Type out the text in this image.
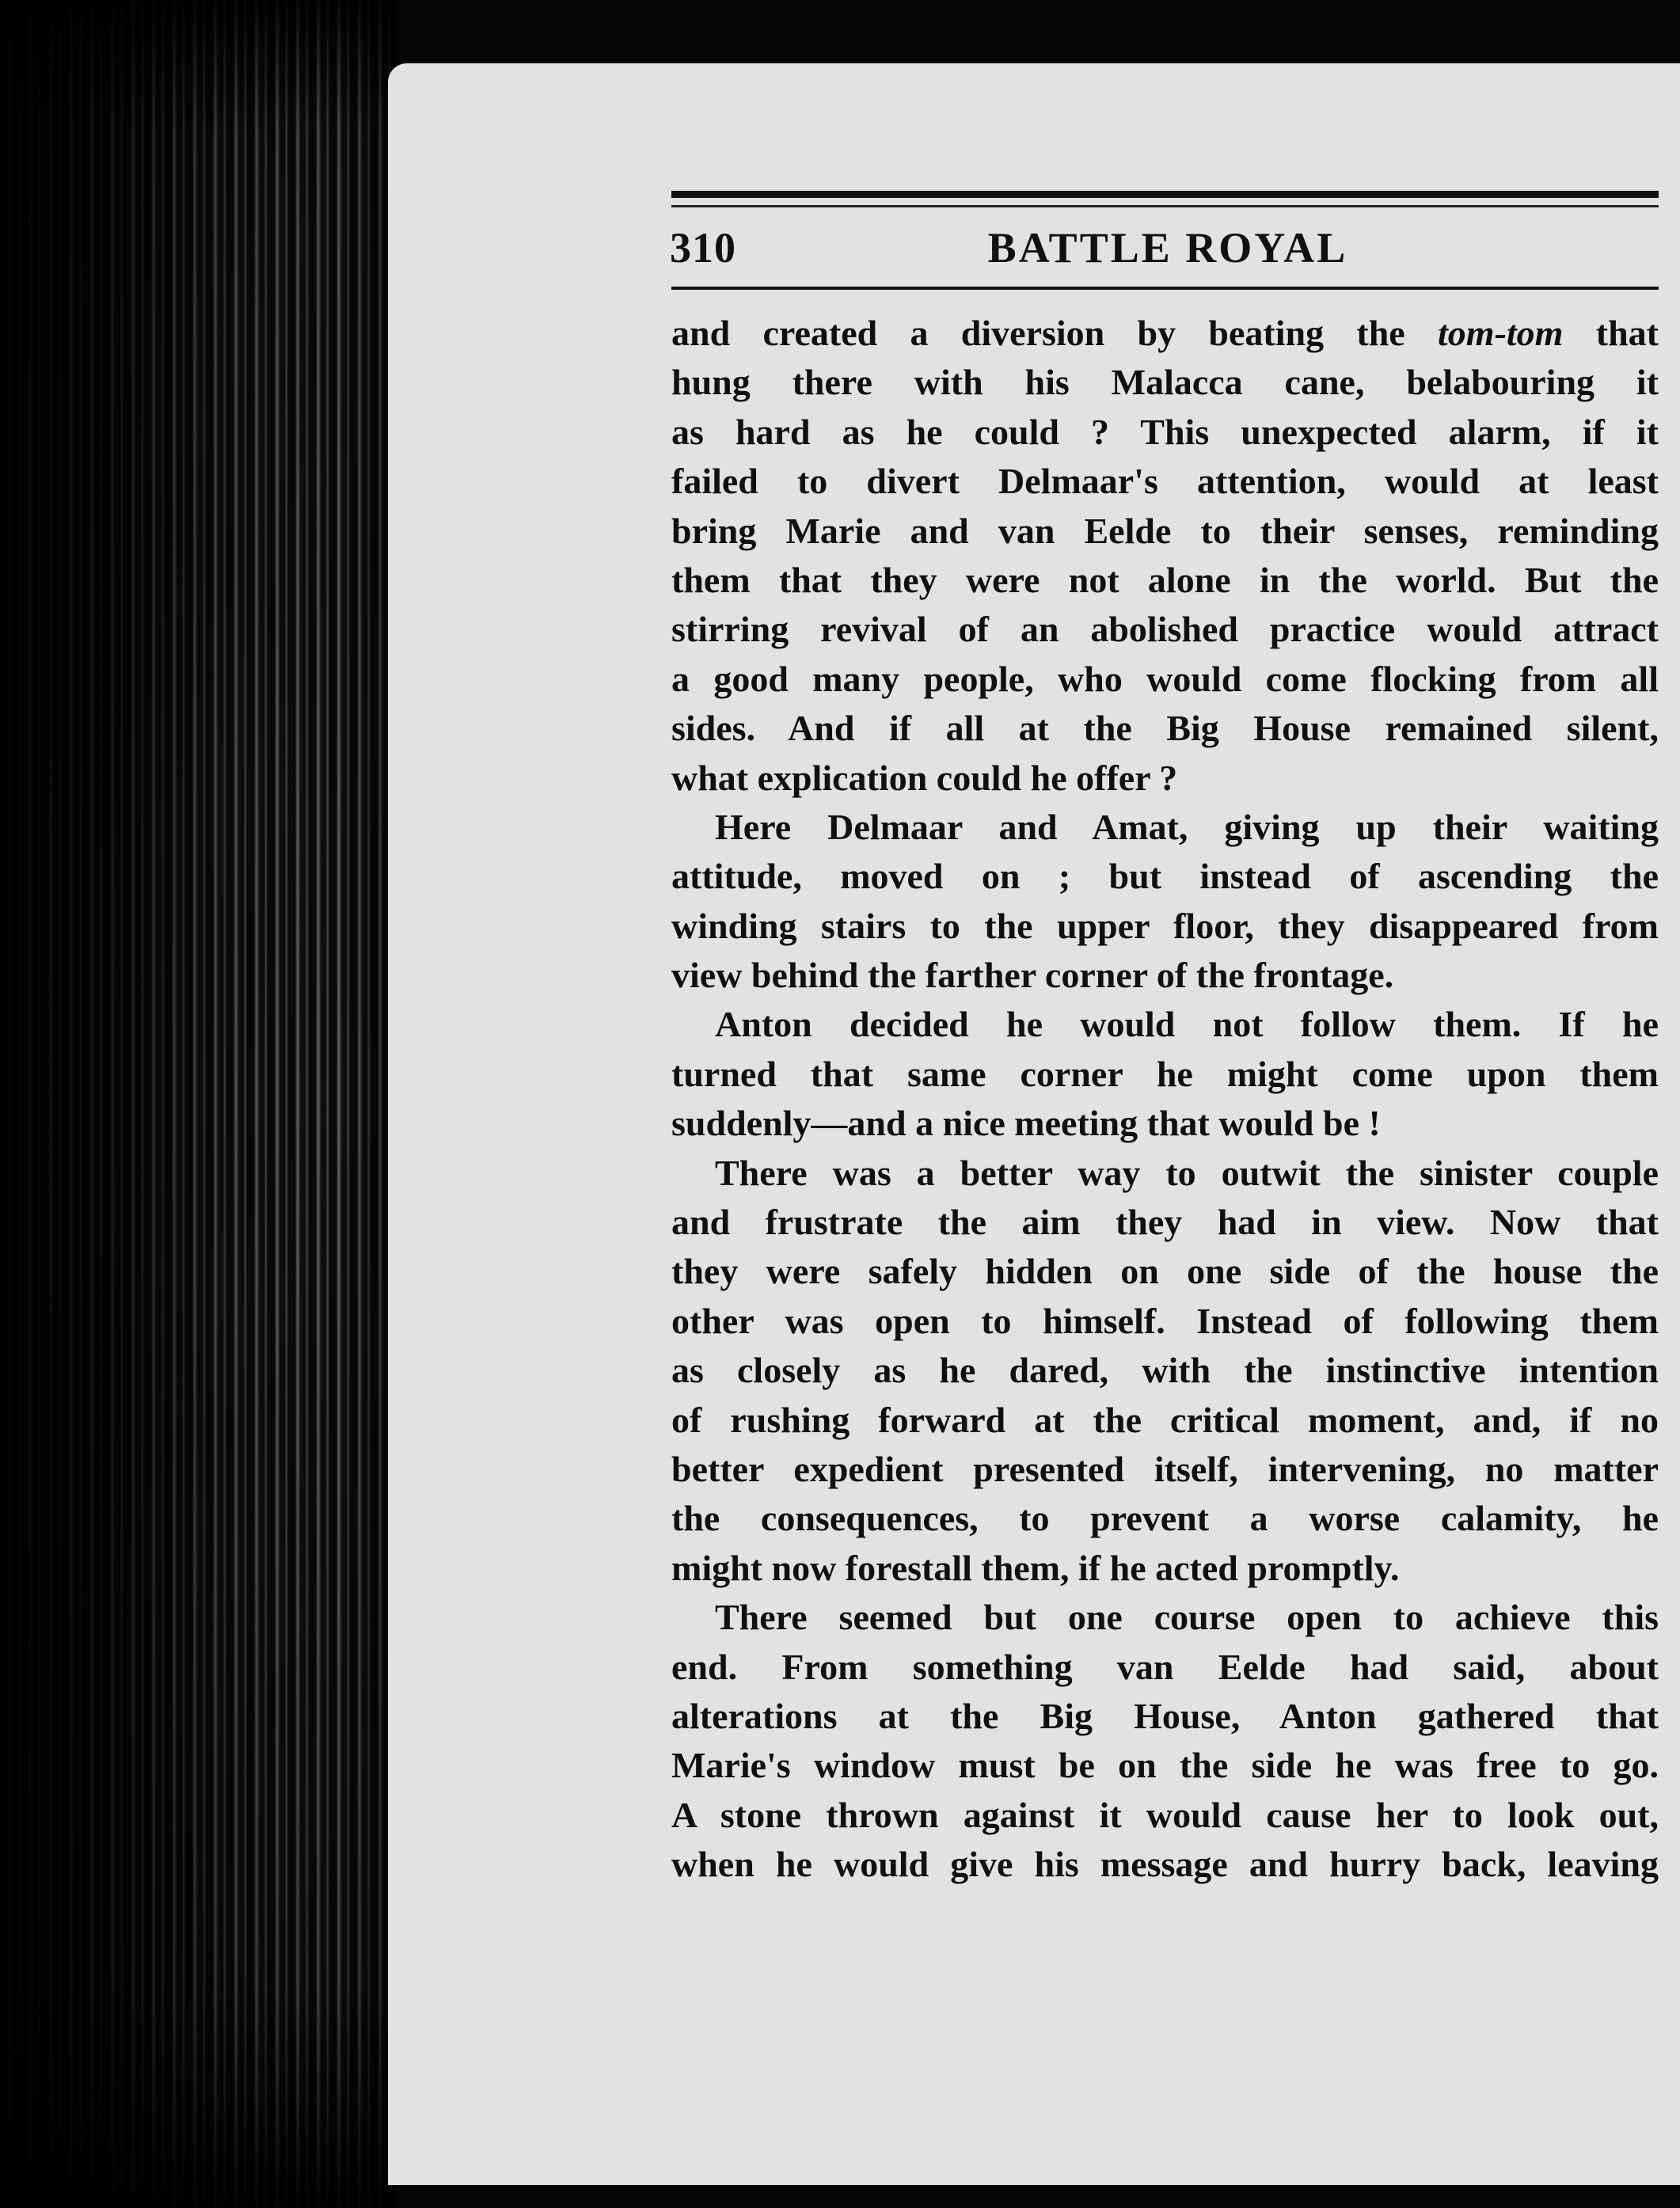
310	BATTLE ROYAL
and created a diversion by beating the tom-tom that
hung there with his Malacca cane, belabouring it
as hard as he could ? This unexpected alarm, if it
failed to divert Delmaar's attention, would at least
bring Marie and van Eelde to their senses, reminding
them that they were not alone in the world. But the
stirring revival of an abolished practice would attract
a good many people, who would come flocking from all
sides. And if all at the Big House remained silent,
what explication could he offer ?
Here Delmaar and Amat, giving up their waiting
attitude, moved on ; but instead of ascending the
winding stairs to the upper floor, they disappeared from
view behind the farther corner of the frontage.
Anton decided he would not follow them. If he
turned that same corner he might come upon them
suddenly—and a nice meeting that would be !
There was a better way to outwit the sinister couple
and frustrate the aim they had in view. Now that
they were safely hidden on one side of the house the
other was open to himself. Instead of following them
as closely as he dared, with the instinctive intention
of rushing forward at the critical moment, and, if no
better expedient presented itself, intervening, no matter
the consequences, to prevent a worse calamity, he
might now forestall them, if he acted promptly.
There seemed but one course open to achieve this
end. From something van Eelde had said, about
alterations at the Big House, Anton gathered that
Marie's window must be on the side he was free to go.
A stone thrown against it would cause her to look out,
when he would give his message and hurry back, leaving
